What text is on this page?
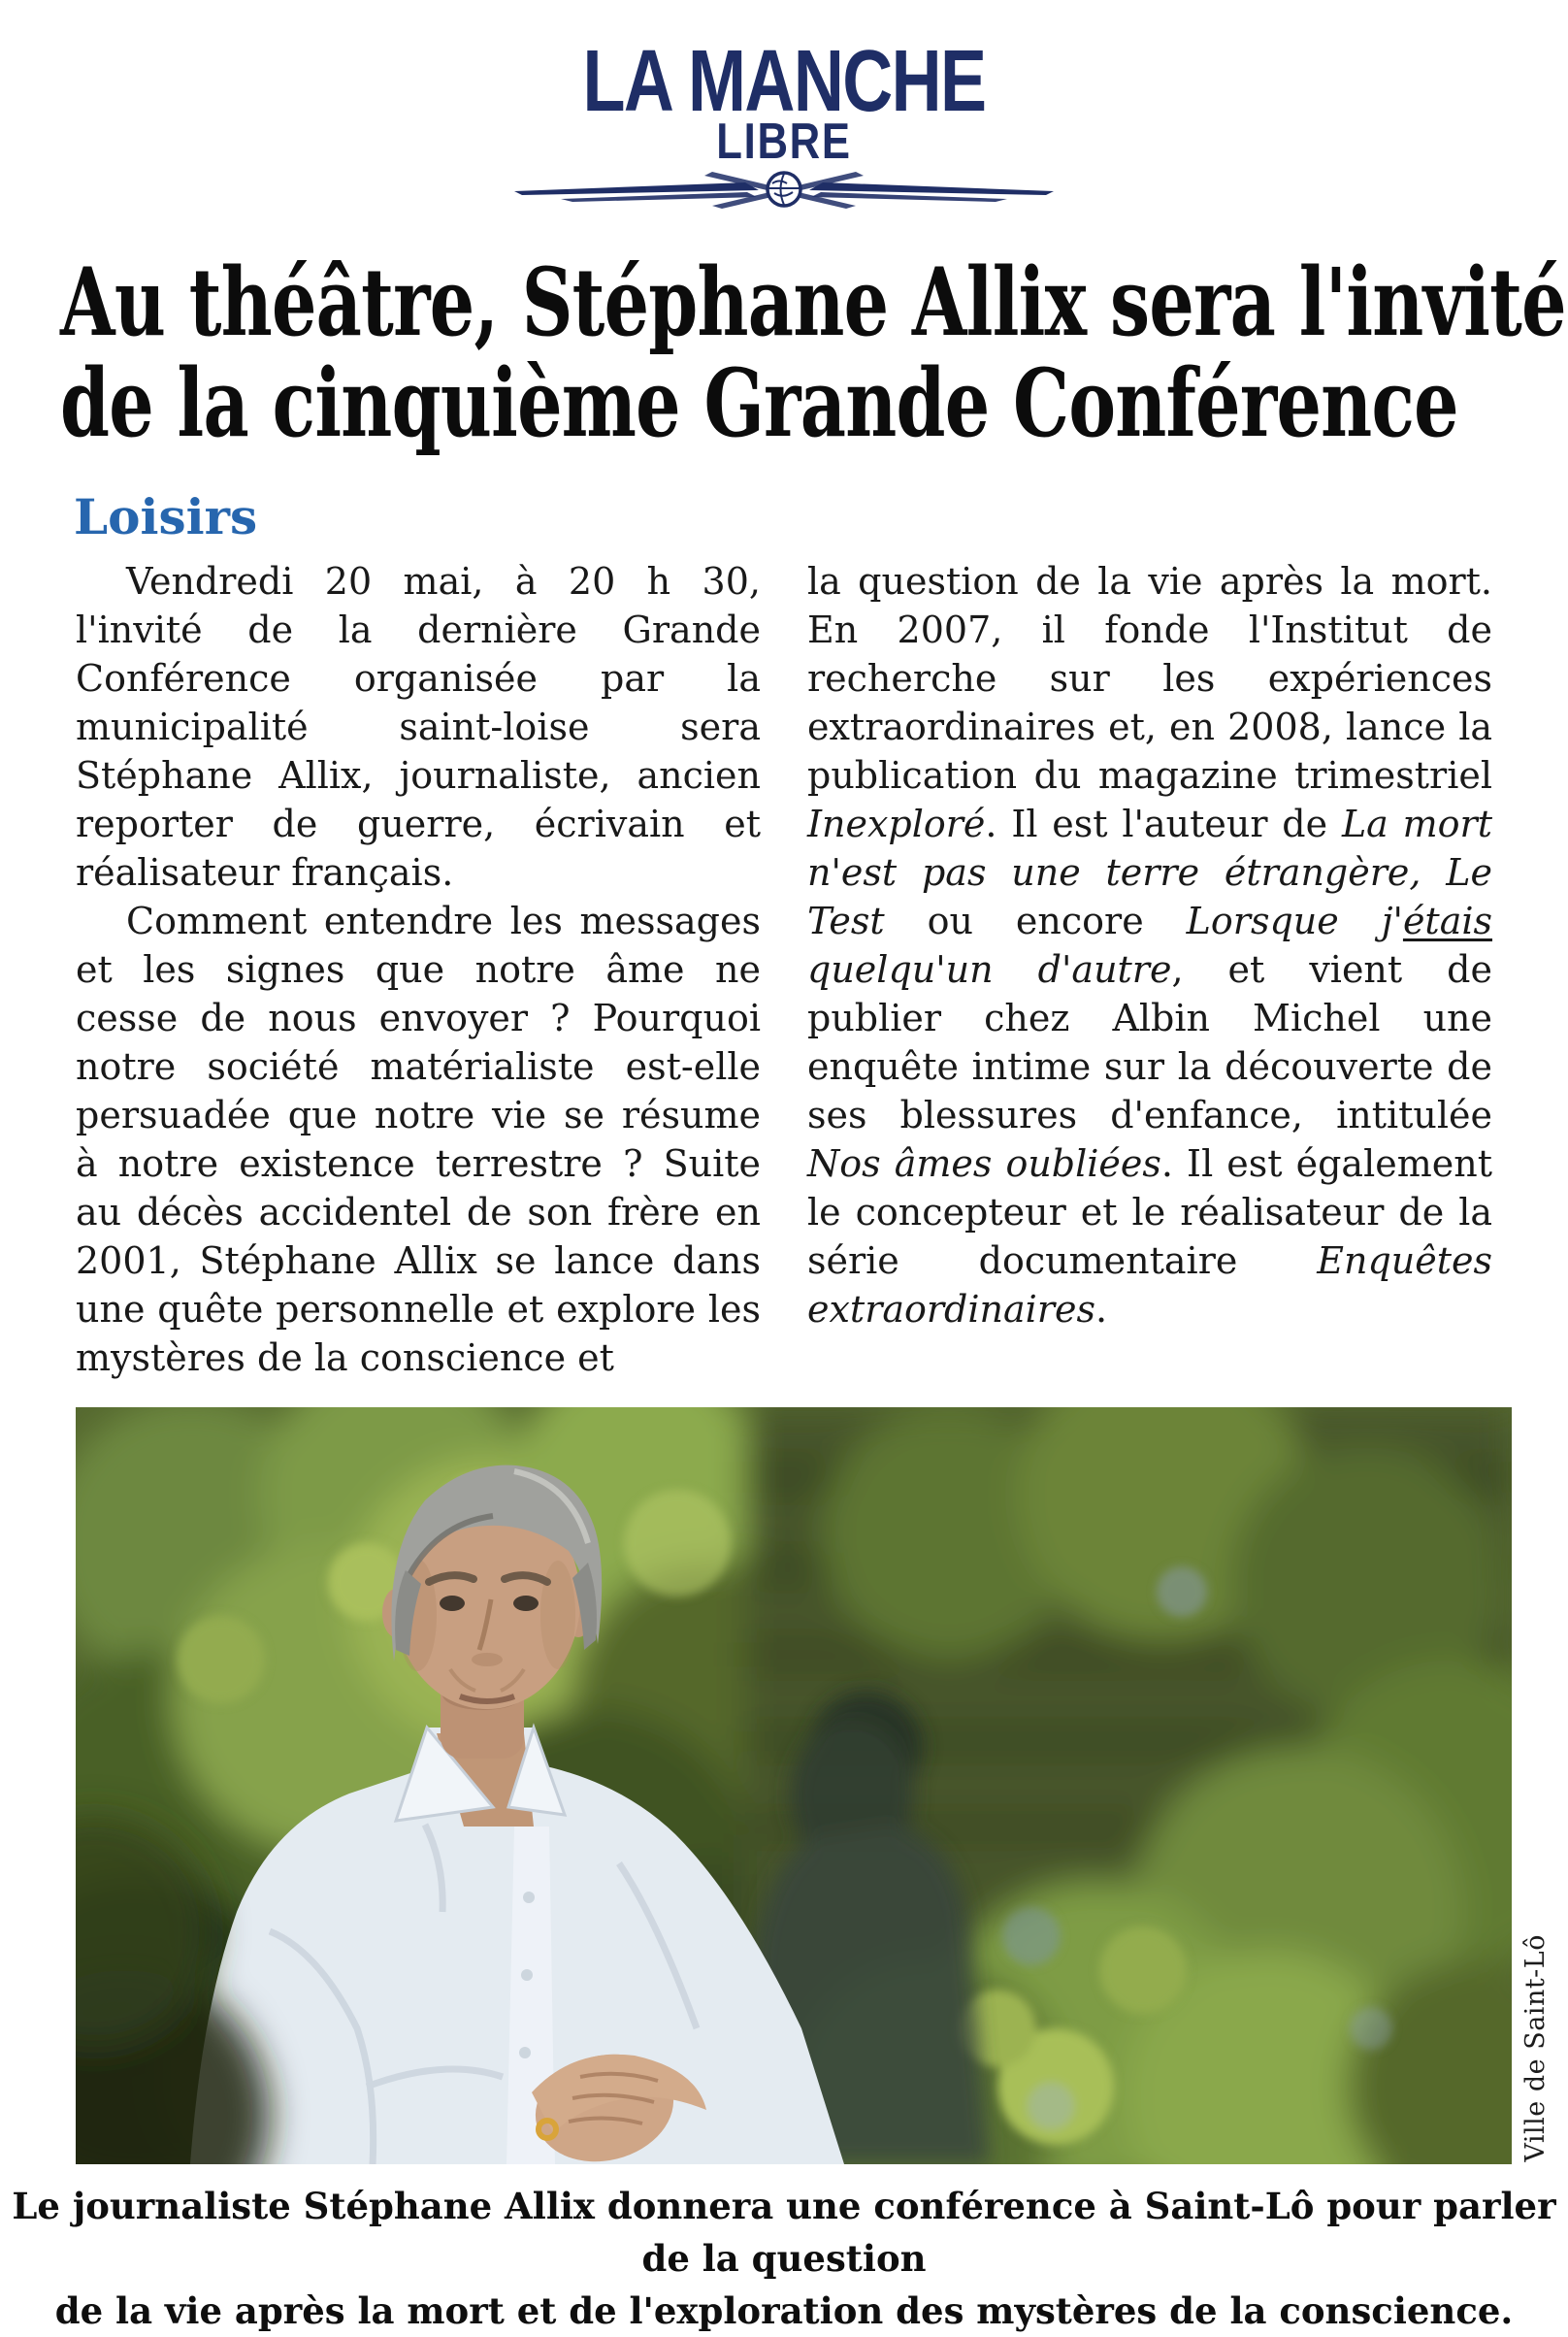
LA MANCHE
LIBRE
Au théâtre, Stéphane Allix sera l'invité
de la cinquième Grande Conférence
Loisirs

Vendredi 20 mai, à 20 h 30, l'invité de la dernière Grande Conférence organisée par la municipalité saint-loise sera Stéphane Allix, journaliste, ancien reporter de guerre, écrivain et réalisateur français.

Comment entendre les messages et les signes que notre âme ne cesse de nous envoyer ? Pourquoi notre société matérialiste est-elle persuadée que notre vie se résume à notre existence terrestre ? Suite au décès accidentel de son frère en 2001, Stéphane Allix se lance dans une quête personnelle et explore les mystères de la conscience et

la question de la vie après la mort. En 2007, il fonde l'Institut de recherche sur les expériences extraordinaires et, en 2008, lance la publication du magazine trimestriel Inexploré. Il est l'auteur de La mort n'est pas une terre étrangère, Le Test ou encore Lorsque j'étais quelqu'un d'autre, et vient de publier chez Albin Michel une enquête intime sur la découverte de ses blessures d'enfance, intitulée Nos âmes oubliées. Il est également le concepteur et le réalisateur de la série documentaire Enquêtes extraordinaires.

Ville de Saint-Lô
Le journaliste Stéphane Allix donnera une conférence à Saint-Lô pour parler de la question
de la vie après la mort et de l'exploration des mystères de la conscience.
